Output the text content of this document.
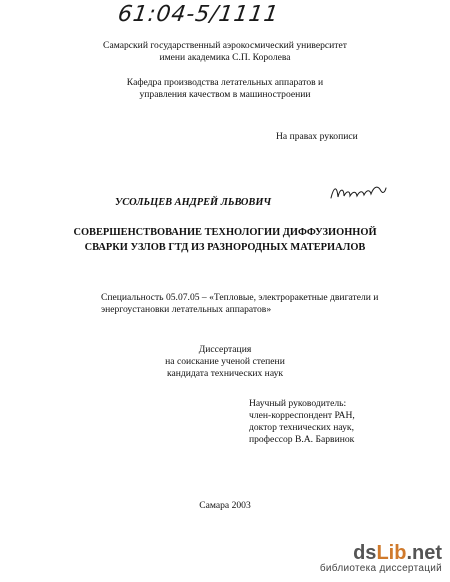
61:04-5/1111
Самарский государственный аэрокосмический университет
имени академика С.П. Королева
Кафедра производства летательных аппаратов и
управления качеством в машиностроении
На правах рукописи
УСОЛЬЦЕВ АНДРЕЙ ЛЬВОВИЧ
СОВЕРШЕНСТВОВАНИЕ ТЕХНОЛОГИИ ДИФФУЗИОННОЙ
СВАРКИ УЗЛОВ ГТД ИЗ РАЗНОРОДНЫХ МАТЕРИАЛОВ
Специальность 05.07.05 – «Тепловые, электроракетные двигатели и
энергоустановки летательных аппаратов»
Диссертация
на соискание ученой степени
кандидата технических наук
Научный руководитель:
член-корреспондент РАН,
доктор технических наук,
профессор В.А. Барвинок
Самара 2003
dsLib.net
библиотека диссертаций
